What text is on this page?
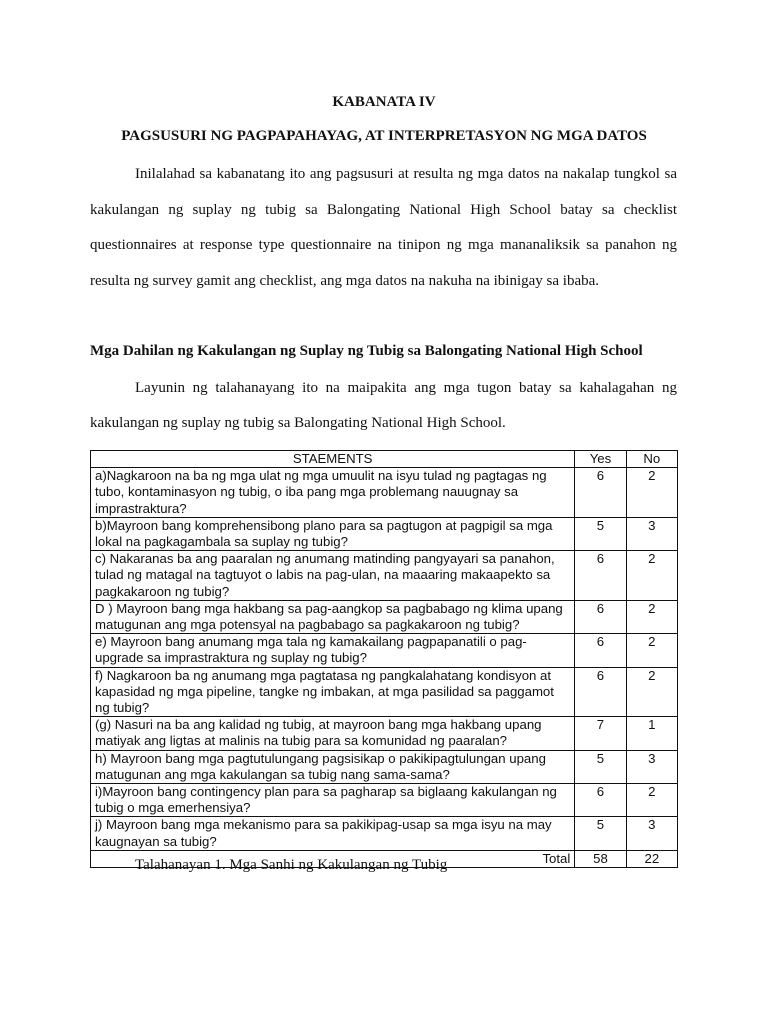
KABANATA IV
PAGSUSURI NG PAGPAPAHAYAG, AT INTERPRETASYON NG MGA DATOS
Inilalahad sa kabanatang ito ang pagsusuri at resulta ng mga datos na nakalap tungkol sa
kakulangan ng suplay ng tubig sa Balongating National High School batay sa checklist
questionnaires at response type questionnaire na tinipon ng mga mananaliksik sa panahon ng
resulta ng survey gamit ang checklist, ang mga datos na nakuha na ibinigay sa ibaba.
Mga Dahilan ng Kakulangan ng Suplay ng Tubig sa Balongating National High School
Layunin ng talahanayang ito na maipakita ang mga tugon batay sa kahalagahan ng
kakulangan ng suplay ng tubig sa Balongating National High School.
STAEMENTS	Yes	No
a)Nagkaroon na ba ng mga ulat ng mga umuulit na isyu tulad ng pagtagas ng tubo, kontaminasyon ng tubig, o iba pang mga problemang nauugnay sa imprastraktura?	6	2
b)Mayroon bang komprehensibong plano para sa pagtugon at pagpigil sa mga lokal na pagkagambala sa suplay ng tubig?	5	3
c) Nakaranas ba ang paaralan ng anumang matinding pangyayari sa panahon, tulad ng matagal na tagtuyot o labis na pag-ulan, na maaaring makaapekto sa pagkakaroon ng tubig?	6	2
D ) Mayroon bang mga hakbang sa pag-aangkop sa pagbabago ng klima upang matugunan ang mga potensyal na pagbabago sa pagkakaroon ng tubig?	6	2
e) Mayroon bang anumang mga tala ng kamakailang pagpapanatili o pag-upgrade sa imprastraktura ng suplay ng tubig?	6	2
f) Nagkaroon ba ng anumang mga pagtatasa ng pangkalahatang kondisyon at kapasidad ng mga pipeline, tangke ng imbakan, at mga pasilidad sa paggamot ng tubig?	6	2
(g) Nasuri na ba ang kalidad ng tubig, at mayroon bang mga hakbang upang matiyak ang ligtas at malinis na tubig para sa komunidad ng paaralan?	7	1
h) Mayroon bang mga pagtutulungang pagsisikap o pakikipagtulungan upang matugunan ang mga kakulangan sa tubig nang sama-sama?	5	3
i)Mayroon bang contingency plan para sa pagharap sa biglaang kakulangan ng tubig o mga emerhensiya?	6	2
j) Mayroon bang mga mekanismo para sa pakikipag-usap sa mga isyu na may kaugnayan sa tubig?	5	3
Total	58	22
Talahanayan 1. Mga Sanhi ng Kakulangan ng Tubig
